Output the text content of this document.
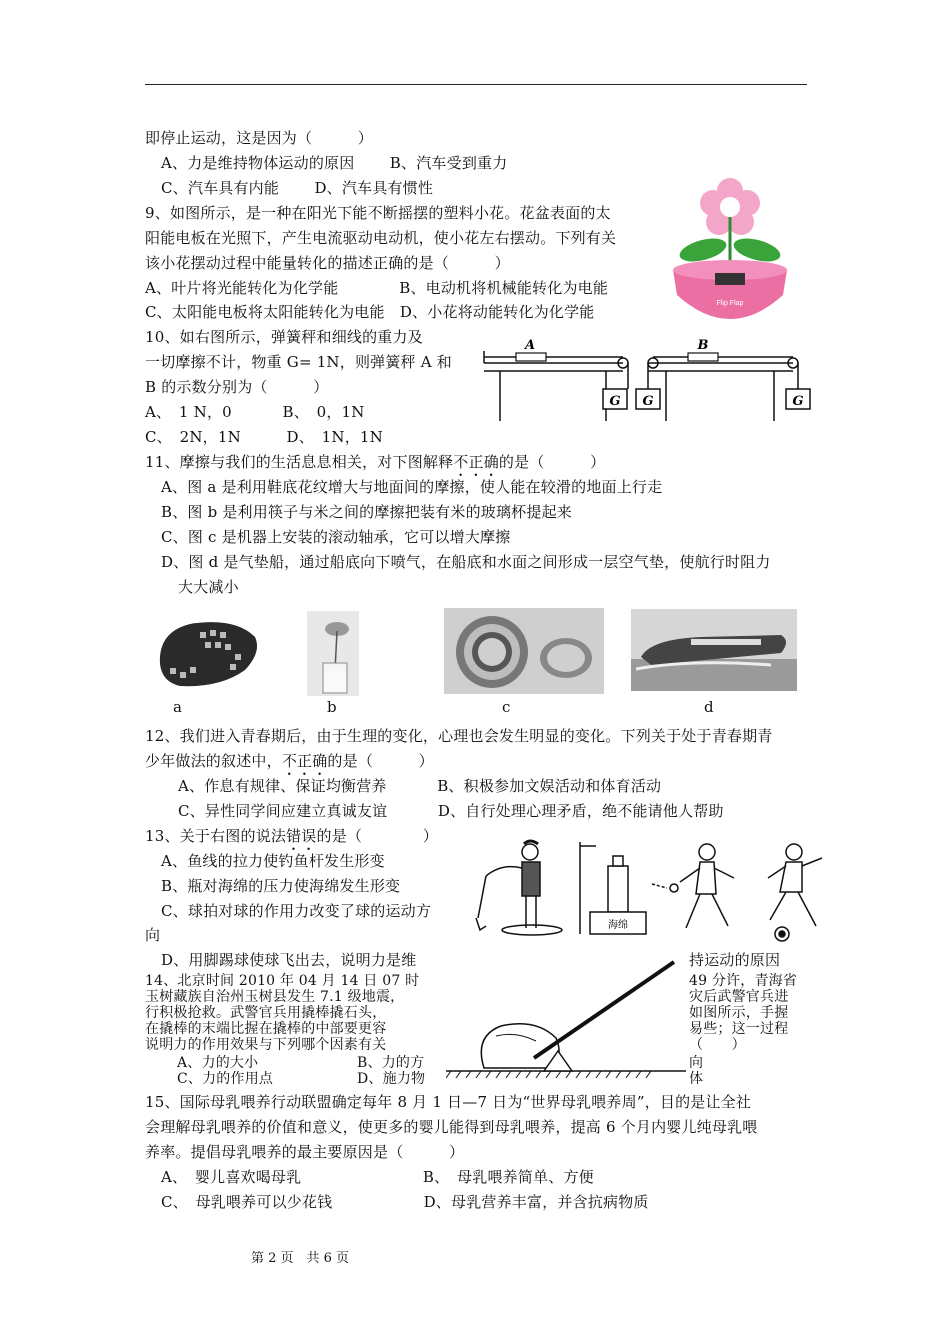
即停止运动，这是因为（　　　）
A、力是维持物体运动的原因　　 B、汽车受到重力
C、汽车具有内能　　 D、汽车具有惯性
9、如图所示，是一种在阳光下能不断摇摆的塑料小花。花盆表面的太
阳能电板在光照下，产生电流驱动电动机，使小花左右摆动。下列有关
该小花摆动过程中能量转化的描述正确的是（　　　）
A、叶片将光能转化为化学能　　　　B、电动机将机械能转化为电能
C、太阳能电板将太阳能转化为电能　D、小花将动能转化为化学能	Flip Flap
10、如右图所示，弹簧秤和细线的重力及
一切摩擦不计，物重 G= 1N，则弹簧秤 A 和
B 的示数分别为（　　　）
A、　1 N，0　　　 B、　0，1N
C、　2N，1N　　　D、　1N，1N
A	B
G G	G
11、摩擦与我们的生活息息相关，对下图解释不正确的是（　　　）
A、图 a 是利用鞋底花纹增大与地面间的摩擦，使人能在较滑的地面上行走
B、图 b 是利用筷子与米之间的摩擦把装有米的玻璃杯提起来
C、图 c 是机器上安装的滚动轴承，它可以增大摩擦
D、图 d 是气垫船，通过船底向下喷气，在船底和水面之间形成一层空气垫，使航行时阻力
大大减小
a	b	c	d
12、我们进入青春期后，由于生理的变化，心理也会发生明显的变化。下列关于处于青春期青
少年做法的叙述中，不正确的是（　　　）
A、作息有规律、保证均衡营养　　　 B、积极参加文娱活动和体育活动
C、异性同学间应建立真诚友谊　　　 D、自行处理心理矛盾，绝不能请他人帮助
13、关于右图的说法错误的是（　　　　）
A、鱼线的拉力使钓鱼杆发生形变
B、瓶对海绵的压力使海绵发生形变
C、球拍对球的作用力改变了球的运动方
向
D、用脚踢球使球飞出去，说明力是维	持运动的原因
海绵
14、北京时间 2010 年 04 月 14 日 07 时	49 分许，青海省
玉树藏族自治州玉树县发生 7.1 级地震，	灾后武警官兵进
行积极抢救。武警官兵用撬棒撬石头，	如图所示，手握
在撬棒的末端比握在撬棒的中部要更容	易些；这一过程
说明力的作用效果与下列哪个因素有关	（　　）
A、力的大小	B、力的方	向
C、力的作用点	D、施力物	体
15、国际母乳喂养行动联盟确定每年 8 月 1 日—7 日为“世界母乳喂养周”，目的是让全社
会理解母乳喂养的价值和意义，使更多的婴儿能得到母乳喂养，提高 6 个月内婴儿纯母乳喂
养率。提倡母乳喂养的最主要原因是（　　　）
A、　婴儿喜欢喝母乳　　　　　　　　B、　母乳喂养简单、方便
C、　母乳喂养可以少花钱　　　　　　D、母乳营养丰富，并含抗病物质
第 2 页　共 6 页
